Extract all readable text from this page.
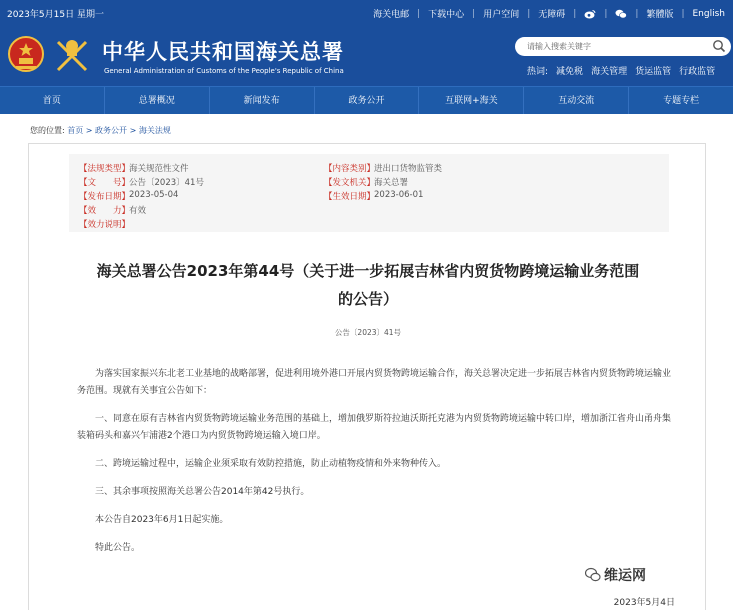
2023年5月15日 星期一	海关电邮 | 下载中心 | 用户空间 | 无障碍 |	|	| 繁體版 | English
中华人民共和国海关总署
General Administration of Customs of the People's Republic of China
请输入搜索关键字
热词: 减免税 海关管理 货运监管 行政监管
首页	总署概况	新闻发布	政务公开	互联网+海关	互动交流	专题专栏
您的位置: 首页 > 政务公开 > 海关法规
【法规类型】
海关规范性文件
【文　　号】
公告〔2023〕41号
【发布日期】
2023-05-04
【效　　力】
有效
【效力说明】
【内容类别】
进出口货物监管类
【发文机关】
海关总署
【生效日期】
2023-06-01
海关总署公告2023年第44号（关于进一步拓展吉林省内贸货物跨境运输业务范围
的公告）
公告〔2023〕41号

为落实国家振兴东北老工业基地的战略部署，促进利用境外港口开展内贸货物跨境运输合作，海关总署决定进一步拓展吉林省内贸货物跨境运输业务范围。现就有关事宜公告如下：

一、同意在原有吉林省内贸货物跨境运输业务范围的基础上，增加俄罗斯符拉迪沃斯托克港为内贸货物跨境运输中转口岸，增加浙江省舟山甬舟集装箱码头和嘉兴乍浦港2个港口为内贸货物跨境运输入境口岸。

二、跨境运输过程中，运输企业须采取有效防控措施，防止动植物疫情和外来物种传入。

三、其余事项按照海关总署公告2014年第42号执行。

本公告自2023年6月1日起实施。

特此公告。

2023年5月4日
维运网
